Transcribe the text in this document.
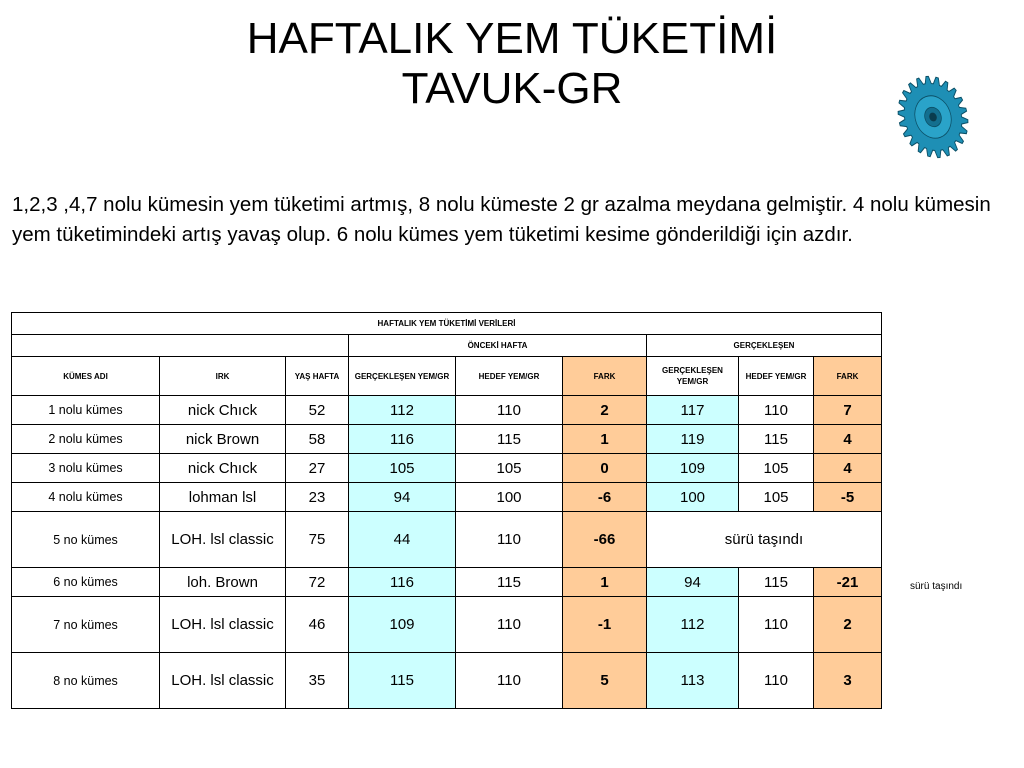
HAFTALIK YEM TÜKETİMİ
TAVUK-GR

1,2,3 ,4,7 nolu kümesin yem tüketimi artmış, 8 nolu kümeste 2 gr azalma meydana gelmiştir. 4 nolu kümesin yem tüketimindeki artış yavaş olup. 6 nolu kümes yem tüketimi kesime gönderildiği için azdır.

HAFTALIK YEM TÜKETİMİ VERİLERİ								
			ÖNCEKİ HAFTA			GERÇEKLEŞEN		
KÜMES ADI	IRK	YAŞ HAFTA	GERÇEKLEŞEN YEM/GR	HEDEF YEM/GR	FARK	GERÇEKLEŞEN YEM/GR	HEDEF YEM/GR	FARK
1 nolu kümes	nick Chıck	52	112	110	2	117	110	7
2 nolu kümes	nick Brown	58	116	115	1	119	115	4
3 nolu kümes	nick Chıck	27	105	105	0	109	105	4
4 nolu kümes	lohman lsl	23	94	100	-6	100	105	-5
5 no kümes	LOH. lsl classic	75	44	110	-66	sürü taşındı		
6 no kümes	loh. Brown	72	116	115	1	94	115	-21
7 no kümes	LOH. lsl classic	46	109	110	-1	112	110	2
8 no kümes	LOH. lsl classic	35	115	110	5	113	110	3
sürü taşındı
